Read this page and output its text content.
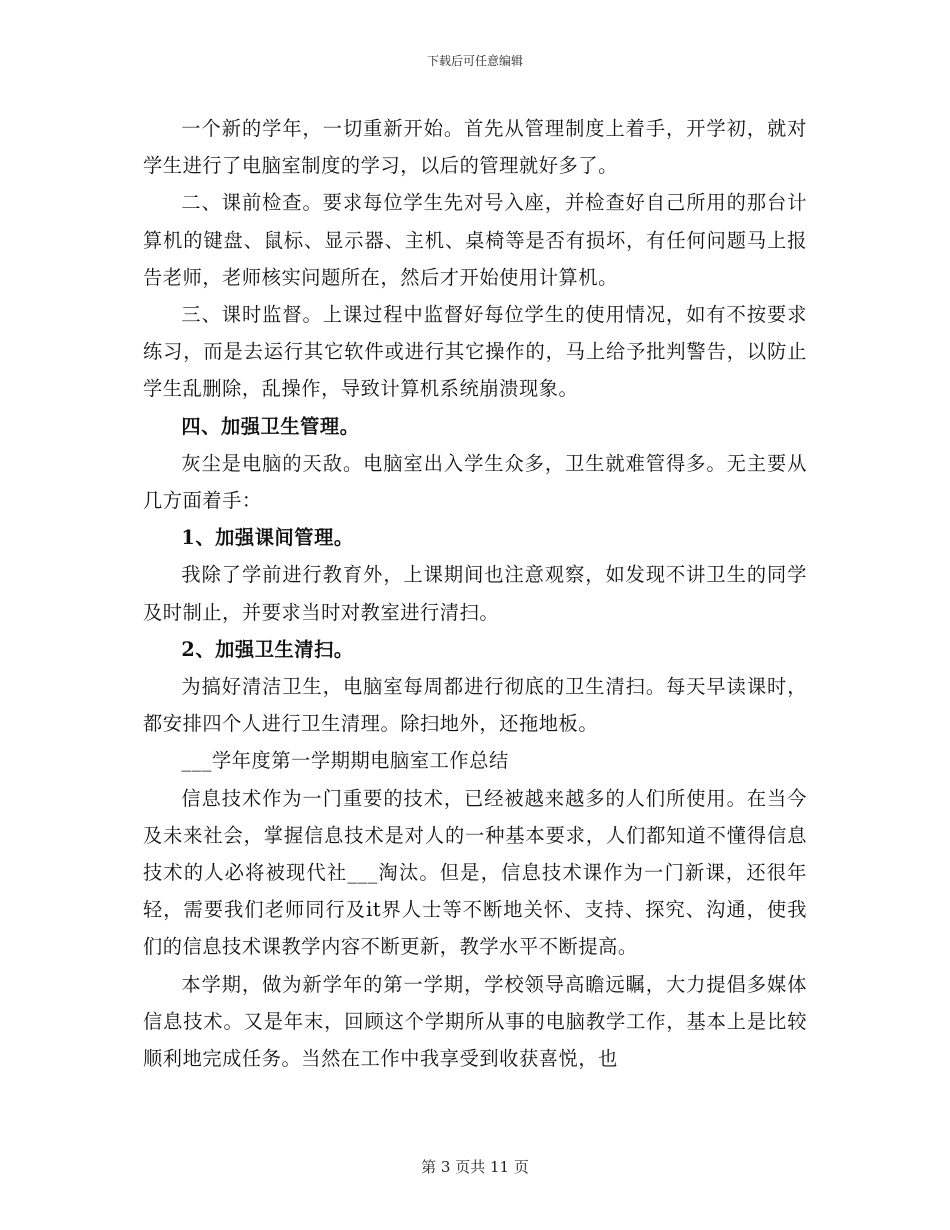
下载后可任意编辑

一个新的学年，一切重新开始。首先从管理制度上着手，开学初，就对学生进行了电脑室制度的学习，以后的管理就好多了。

二、课前检查。要求每位学生先对号入座，并检查好自己所用的那台计算机的键盘、鼠标、显示器、主机、桌椅等是否有损坏，有任何问题马上报告老师，老师核实问题所在，然后才开始使用计算机。

三、课时监督。上课过程中监督好每位学生的使用情况，如有不按要求练习，而是去运行其它软件或进行其它操作的，马上给予批判警告，以防止学生乱删除，乱操作，导致计算机系统崩溃现象。

四、加强卫生管理。

灰尘是电脑的天敌。电脑室出入学生众多，卫生就难管得多。无主要从几方面着手：

1、加强课间管理。

我除了学前进行教育外，上课期间也注意观察，如发现不讲卫生的同学及时制止，并要求当时对教室进行清扫。

2、加强卫生清扫。

为搞好清洁卫生，电脑室每周都进行彻底的卫生清扫。每天早读课时，都安排四个人进行卫生清理。除扫地外，还拖地板。

___学年度第一学期期电脑室工作总结

信息技术作为一门重要的技术，已经被越来越多的人们所使用。在当今及未来社会，掌握信息技术是对人的一种基本要求，人们都知道不懂得信息技术的人必将被现代社___淘汰。但是，信息技术课作为一门新课，还很年轻，需要我们老师同行及it界人士等不断地关怀、支持、探究、沟通，使我们的信息技术课教学内容不断更新，教学水平不断提高。

本学期，做为新学年的第一学期，学校领导高瞻远瞩，大力提倡多媒体信息技术。又是年末，回顾这个学期所从事的电脑教学工作，基本上是比较顺利地完成任务。当然在工作中我享受到收获喜悦，也

第 3 页共 11 页
